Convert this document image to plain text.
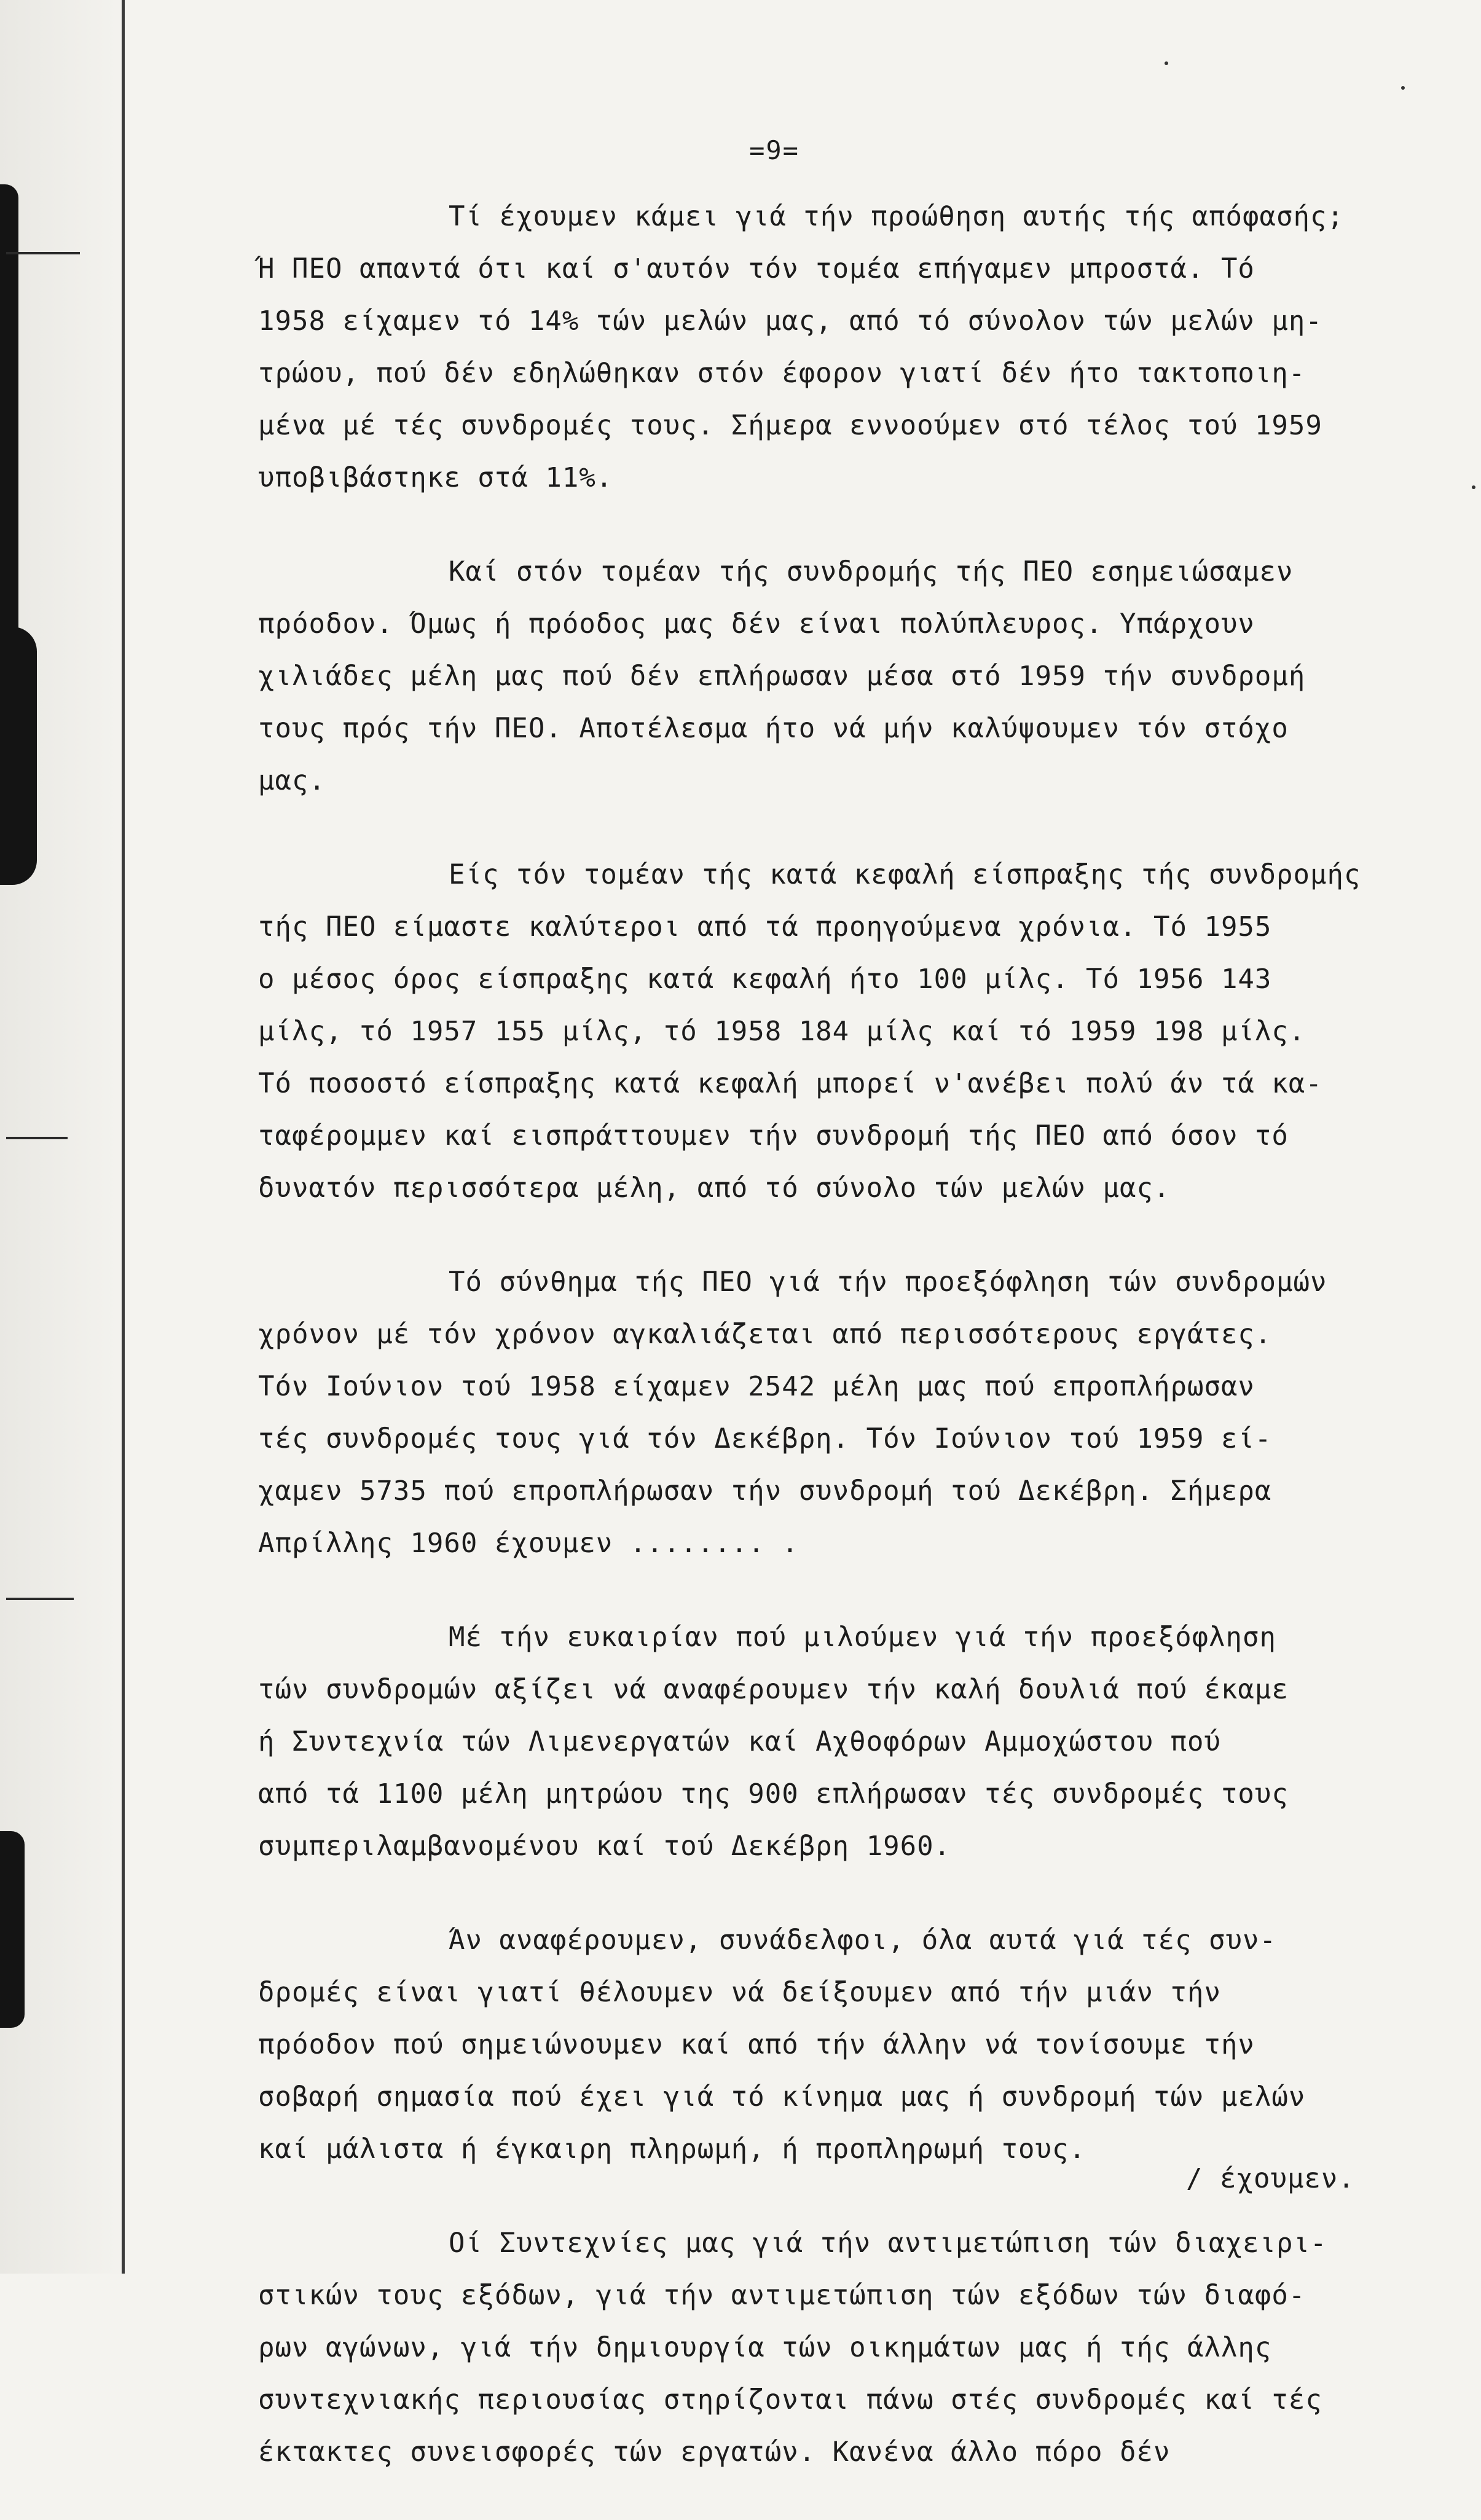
=9=
Τί έχουμεν κάμει γιά τήν προώθηση αυτής τής απόφασής;
Ή ΠΕΟ απαντά ότι καί σ'αυτόν τόν τομέα επήγαμεν μπροστά. Τό
1958 είχαμεν τό 14% τών μελών μας, από τό σύνολον τών μελών μη-
τρώου, πού δέν εδηλώθηκαν στόν έφορον γιατί δέν ήτο τακτοποιη-
μένα μέ τές συνδρομές τους. Σήμερα εννοούμεν στό τέλος τού 1959
υποβιβάστηκε στά 11%.
Καί στόν τομέαν τής συνδρομής τής ΠΕΟ εσημειώσαμεν
πρόοδον. Όμως ή πρόοδος μας δέν είναι πολύπλευρος. Υπάρχουν
χιλιάδες μέλη μας πού δέν επλήρωσαν μέσα στό 1959 τήν συνδρομή
τους πρός τήν ΠΕΟ. Αποτέλεσμα ήτο νά μήν καλύψουμεν τόν στόχο
μας.
Είς τόν τομέαν τής κατά κεφαλή είσπραξης τής συνδρομής
τής ΠΕΟ είμαστε καλύτεροι από τά προηγούμενα χρόνια. Τό 1955
ο μέσος όρος είσπραξης κατά κεφαλή ήτο 100 μίλς. Τό 1956 143
μίλς, τό 1957 155 μίλς, τό 1958 184 μίλς καί τό 1959 198 μίλς.
Τό ποσοστό είσπραξης κατά κεφαλή μπορεί ν'ανέβει πολύ άν τά κα-
ταφέρομμεν καί εισπράττουμεν τήν συνδρομή τής ΠΕΟ από όσον τό
δυνατόν περισσότερα μέλη, από τό σύνολο τών μελών μας.
Τό σύνθημα τής ΠΕΟ γιά τήν προεξόφληση τών συνδρομών
χρόνον μέ τόν χρόνον αγκαλιάζεται από περισσότερους εργάτες.
Τόν Ιούνιον τού 1958 είχαμεν 2542 μέλη μας πού επροπλήρωσαν
τές συνδρομές τους γιά τόν Δεκέβρη. Τόν Ιούνιον τού 1959 εί-
χαμεν 5735 πού επροπλήρωσαν τήν συνδρομή τού Δεκέβρη. Σήμερα
Απρίλλης 1960 έχουμεν ........ .
Μέ τήν ευκαιρίαν πού μιλούμεν γιά τήν προεξόφληση
τών συνδρομών αξίζει νά αναφέρουμεν τήν καλή δουλιά πού έκαμε
ή Συντεχνία τών Λιμενεργατών καί Αχθοφόρων Αμμοχώστου πού
από τά 1100 μέλη μητρώου της 900 επλήρωσαν τές συνδρομές τους
συμπεριλαμβανομένου καί τού Δεκέβρη 1960.
Άν αναφέρουμεν, συνάδελφοι, όλα αυτά γιά τές συν-
δρομές είναι γιατί θέλουμεν νά δείξουμεν από τήν μιάν τήν
πρόοδον πού σημειώνουμεν καί από τήν άλλην νά τονίσουμε τήν
σοβαρή σημασία πού έχει γιά τό κίνημα μας ή συνδρομή τών μελών
καί μάλιστα ή έγκαιρη πληρωμή, ή προπληρωμή τους.
Οί Συντεχνίες μας γιά τήν αντιμετώπιση τών διαχειρι-
στικών τους εξόδων, γιά τήν αντιμετώπιση τών εξόδων τών διαφό-
ρων αγώνων, γιά τήν δημιουργία τών οικημάτων μας ή τής άλλης
συντεχνιακής περιουσίας στηρίζονται πάνω στές συνδρομές καί τές
έκτακτες συνεισφορές τών εργατών. Κανένα άλλο πόρο δέν
/ έχουμεν.
